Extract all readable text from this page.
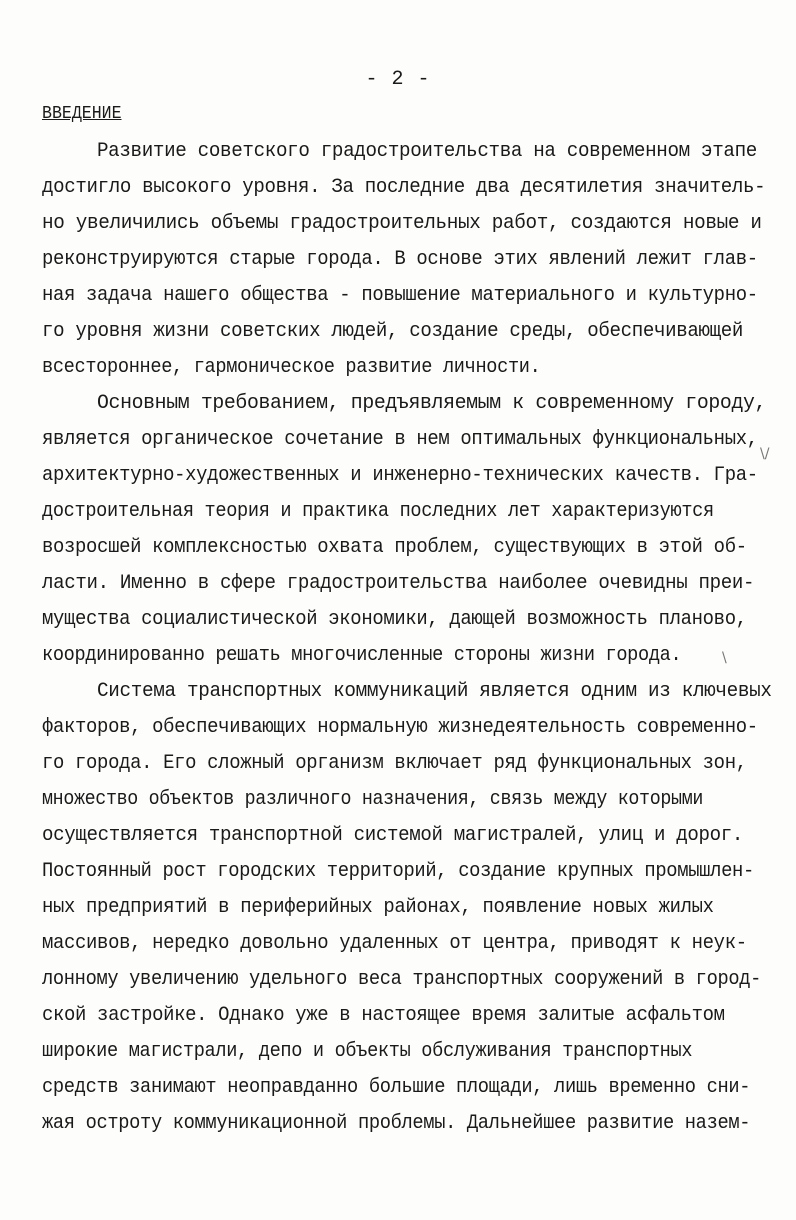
- 2 -
ВВЕДЕНИЕ
Развитие советского градостроительства на современном этапе
достигло высокого уровня. За последние два десятилетия значитель-
но увеличились объемы градостроительных работ, создаются новые и
реконструируются старые города. В основе этих явлений лежит глав-
ная задача нашего общества - повышение материального и культурно-
го уровня жизни советских людей, создание среды, обеспечивающей
всестороннее, гармоническое развитие личности.
Основным требованием, предъявляемым к современному городу,
является органическое сочетание в нем оптимальных функциональных,
архитектурно-художественных и инженерно-технических качеств. Гра-
достроительная теория и практика последних лет характеризуются
возросшей комплексностью охвата проблем, существующих в этой об-
ласти. Именно в сфере градостроительства наиболее очевидны преи-
мущества социалистической экономики, дающей возможность планово,
координированно решать многочисленные стороны жизни города.
Система транспортных коммуникаций является одним из ключевых
факторов, обеспечивающих нормальную жизнедеятельность современно-
го города. Его сложный организм включает ряд функциональных зон,
множество объектов различного назначения, связь между которыми
осуществляется транспортной системой магистралей, улиц и дорог.
Постоянный рост городских территорий, создание крупных промышлен-
ных предприятий в периферийных районах, появление новых жилых
массивов, нередко довольно удаленных от центра, приводят к неук-
лонному увеличению удельного веса транспортных сооружений в город-
ской застройке. Однако уже в настоящее время залитые асфальтом
широкие магистрали, депо и объекты обслуживания транспортных
средств занимают неоправданно большие площади, лишь временно сни-
жая остроту коммуникационной проблемы. Дальнейшее развитие назем-
\/
\
